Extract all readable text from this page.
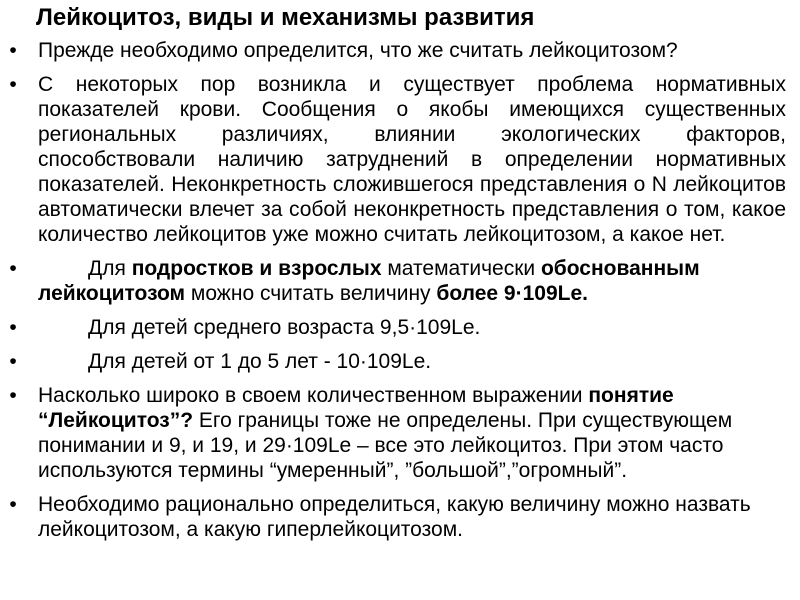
Лейкоцитоз, виды и механизмы развития
• Прежде необходимо определится, что же считать лейкоцитозом?
• С некоторых пор возникла и существует проблема нормативных показателей крови. Сообщения о якобы имеющихся существенных региональных различиях, влиянии экологических факторов, способствовали наличию затруднений в определении нормативных показателей. Неконкретность сложившегося представления о N лейкоцитов автоматически влечет за собой неконкретность представления о том, какое количество лейкоцитов уже можно считать лейкоцитозом, а какое нет.
•	Для подростков и взрослых математически обоснованным лейкоцитозом можно считать величину более 9·109Le.
•	Для детей среднего возраста 9,5·109Le.
•	Для детей от 1 до 5 лет - 10·109Le.
• Насколько широко в своем количественном выражении понятие “Лейкоцитоз”? Его границы тоже не определены. При существующем понимании и 9, и 19, и 29·109Le – все это лейкоцитоз. При этом часто используются термины “умеренный”, ”большой”,”огромный”.
• Необходимо рационально определиться, какую величину можно назвать лейкоцитозом, а какую гиперлейкоцитозом.
